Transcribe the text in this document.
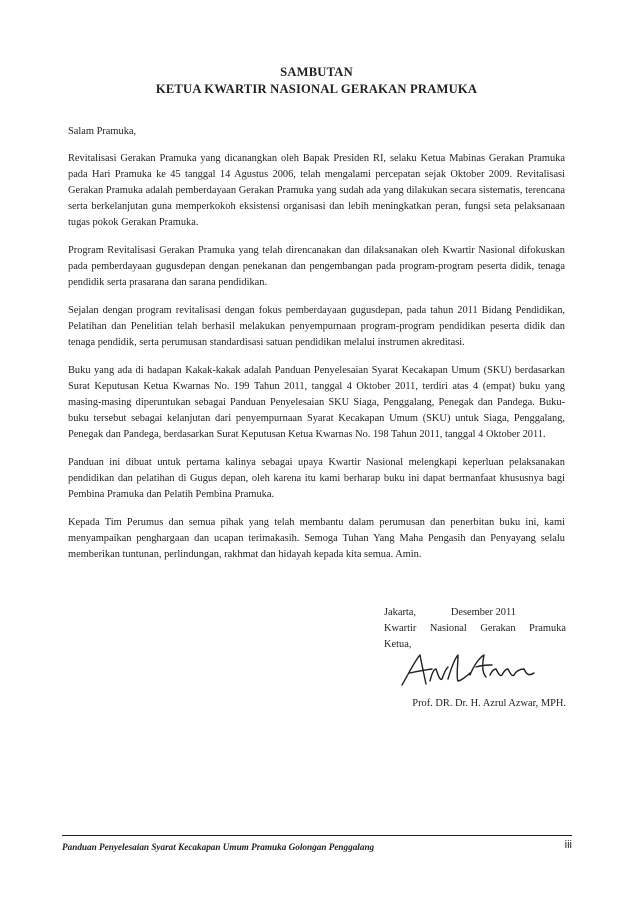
SAMBUTAN
KETUA KWARTIR NASIONAL GERAKAN PRAMUKA

Salam Pramuka,

Revitalisasi Gerakan Pramuka yang dicanangkan oleh Bapak Presiden RI, selaku Ketua Mabinas Gerakan Pramuka pada Hari Pramuka ke 45 tanggal 14 Agustus 2006, telah mengalami percepatan sejak Oktober 2009. Revitalisasi Gerakan Pramuka adalah pemberdayaan Gerakan Pramuka yang sudah ada yang dilakukan secara sistematis, terencana serta berkelanjutan guna memperkokoh eksistensi organisasi dan lebih meningkatkan peran, fungsi seta pelaksanaan tugas pokok Gerakan Pramuka.

Program Revitalisasi Gerakan Pramuka yang telah direncanakan dan dilaksanakan oleh Kwartir Nasional difokuskan pada pemberdayaan gugusdepan dengan penekanan dan pengembangan pada program-program peserta didik, tenaga pendidik serta prasarana dan sarana pendidikan.

Sejalan dengan program revitalisasi dengan fokus pemberdayaan gugusdepan, pada tahun 2011 Bidang Pendidikan, Pelatihan dan Penelitian telah berhasil melakukan penyempurnaan program-program pendidikan peserta didik dan tenaga pendidik, serta perumusan standardisasi satuan pendidikan melalui instrumen akreditasi.

Buku yang ada di hadapan Kakak-kakak adalah Panduan Penyelesaian Syarat Kecakapan Umum (SKU) berdasarkan Surat Keputusan Ketua Kwarnas No. 199 Tahun 2011, tanggal 4 Oktober 2011, terdiri atas 4 (empat) buku yang masing-masing diperuntukan sebagai Panduan Penyelesaian SKU Siaga, Penggalang, Penegak dan Pandega. Buku-buku tersebut sebagai kelanjutan dari penyempurnaan Syarat Kecakapan Umum (SKU) untuk Siaga, Penggalang, Penegak dan Pandega, berdasarkan Surat Keputusan Ketua Kwarnas No. 198 Tahun 2011, tanggal 4 Oktober 2011.

Panduan ini dibuat untuk pertama kalinya sebagai upaya Kwartir Nasional melengkapi keperluan pelaksanakan pendidikan dan pelatihan di Gugus depan, oleh karena itu kami berharap buku ini dapat bermanfaat khususnya bagi Pembina Pramuka dan Pelatih Pembina Pramuka.

Kepada Tim Perumus dan semua pihak yang telah membantu dalam perumusan dan penerbitan buku ini, kami menyampaikan penghargaan dan ucapan terimakasih. Semoga Tuhan Yang Maha Pengasih dan Penyayang selalu memberikan tuntunan, perlindungan, rakhmat dan hidayah kepada kita semua. Amin.

Jakarta,	Desember 2011
Kwartir Nasional Gerakan Pramuka
Ketua,
Prof. DR. Dr. H. Azrul Azwar, MPH.
Panduan Penyelesaian Syarat Kecakapan Umum Pramuka Golongan Penggalang	iii
